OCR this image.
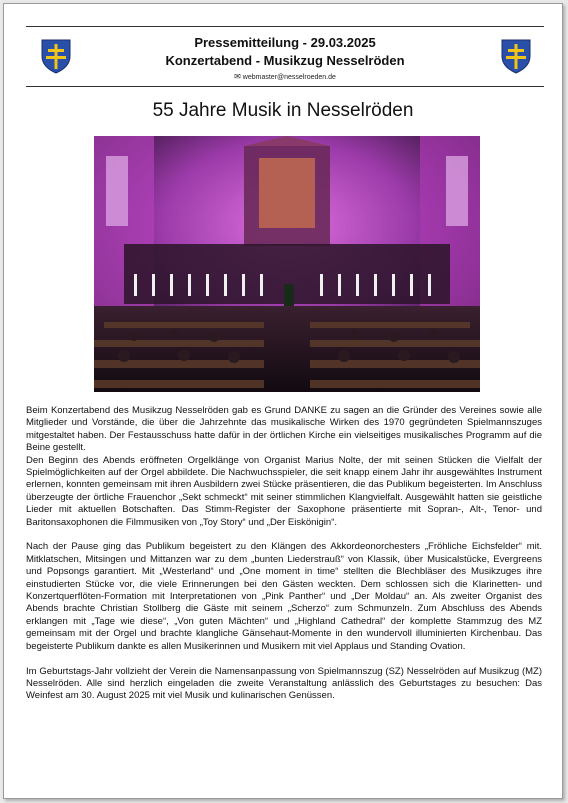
Pressemitteilung - 29.03.2025
Konzertabend - Musikzug Nesselröden
✉ webmaster@nesselroeden.de
55 Jahre Musik in Nesselröden

Beim Konzertabend des Musikzug Nesselröden gab es Grund DANKE zu sagen an die Gründer des Vereines sowie alle Mitglieder und Vorstände, die über die Jahrzehnte das musikalische Wirken des 1970 gegründeten Spielmannszuges mitgestaltet haben. Der Festausschuss hatte dafür in der örtlichen Kirche ein vielseitiges musikalisches Programm auf die Beine gestellt.

Den Beginn des Abends eröffneten Orgelklänge von Organist Marius Nolte, der mit seinen Stücken die Vielfalt der Spielmöglichkeiten auf der Orgel abbildete. Die Nachwuchsspieler, die seit knapp einem Jahr ihr ausgewähltes Instrument erlernen, konnten gemeinsam mit ihren Ausbildern zwei Stücke präsentieren, die das Publikum begeisterten. Im Anschluss überzeugte der örtliche Frauenchor „Sekt schmeckt“ mit seiner stimmlichen Klangvielfalt. Ausgewählt hatten sie geistliche Lieder mit aktuellen Botschaften. Das Stimm-Register der Saxophone präsentierte mit Sopran-, Alt-, Tenor- und Baritonsaxophonen die Filmmusiken von „Toy Story“ und „Der Eiskönigin“.

Nach der Pause ging das Publikum begeistert zu den Klängen des Akkordeonorchesters „Fröhliche Eichsfelder“ mit. Mitklatschen, Mitsingen und Mittanzen war zu dem „bunten Liederstrauß“ von Klassik, über Musicalstücke, Evergreens und Popsongs garantiert. Mit „Westerland“ und „One moment in time“ stellten die Blechbläser des Musikzuges ihre einstudierten Stücke vor, die viele Erinnerungen bei den Gästen weckten. Dem schlossen sich die Klarinetten- und Konzertquerflöten-Formation mit Interpretationen von „Pink Panther“ und „Der Moldau“ an. Als zweiter Organist des Abends brachte Christian Stollberg die Gäste mit seinem „Scherzo“ zum Schmunzeln. Zum Abschluss des Abends erklangen mit „Tage wie diese“, „Von guten Mächten“ und „Highland Cathedral“ der komplette Stammzug des MZ gemeinsam mit der Orgel und brachte klangliche Gänsehaut-Momente in den wundervoll illuminierten Kirchenbau. Das begeisterte Publikum dankte es allen Musikerinnen und Musikern mit viel Applaus und Standing Ovation.

Im Geburtstags-Jahr vollzieht der Verein die Namensanpassung von Spielmannszug (SZ) Nesselröden auf Musikzug (MZ) Nesselröden. Alle sind herzlich eingeladen die zweite Veranstaltung anlässlich des Geburtstages zu besuchen: Das Weinfest am 30. August 2025 mit viel Musik und kulinarischen Genüssen.
